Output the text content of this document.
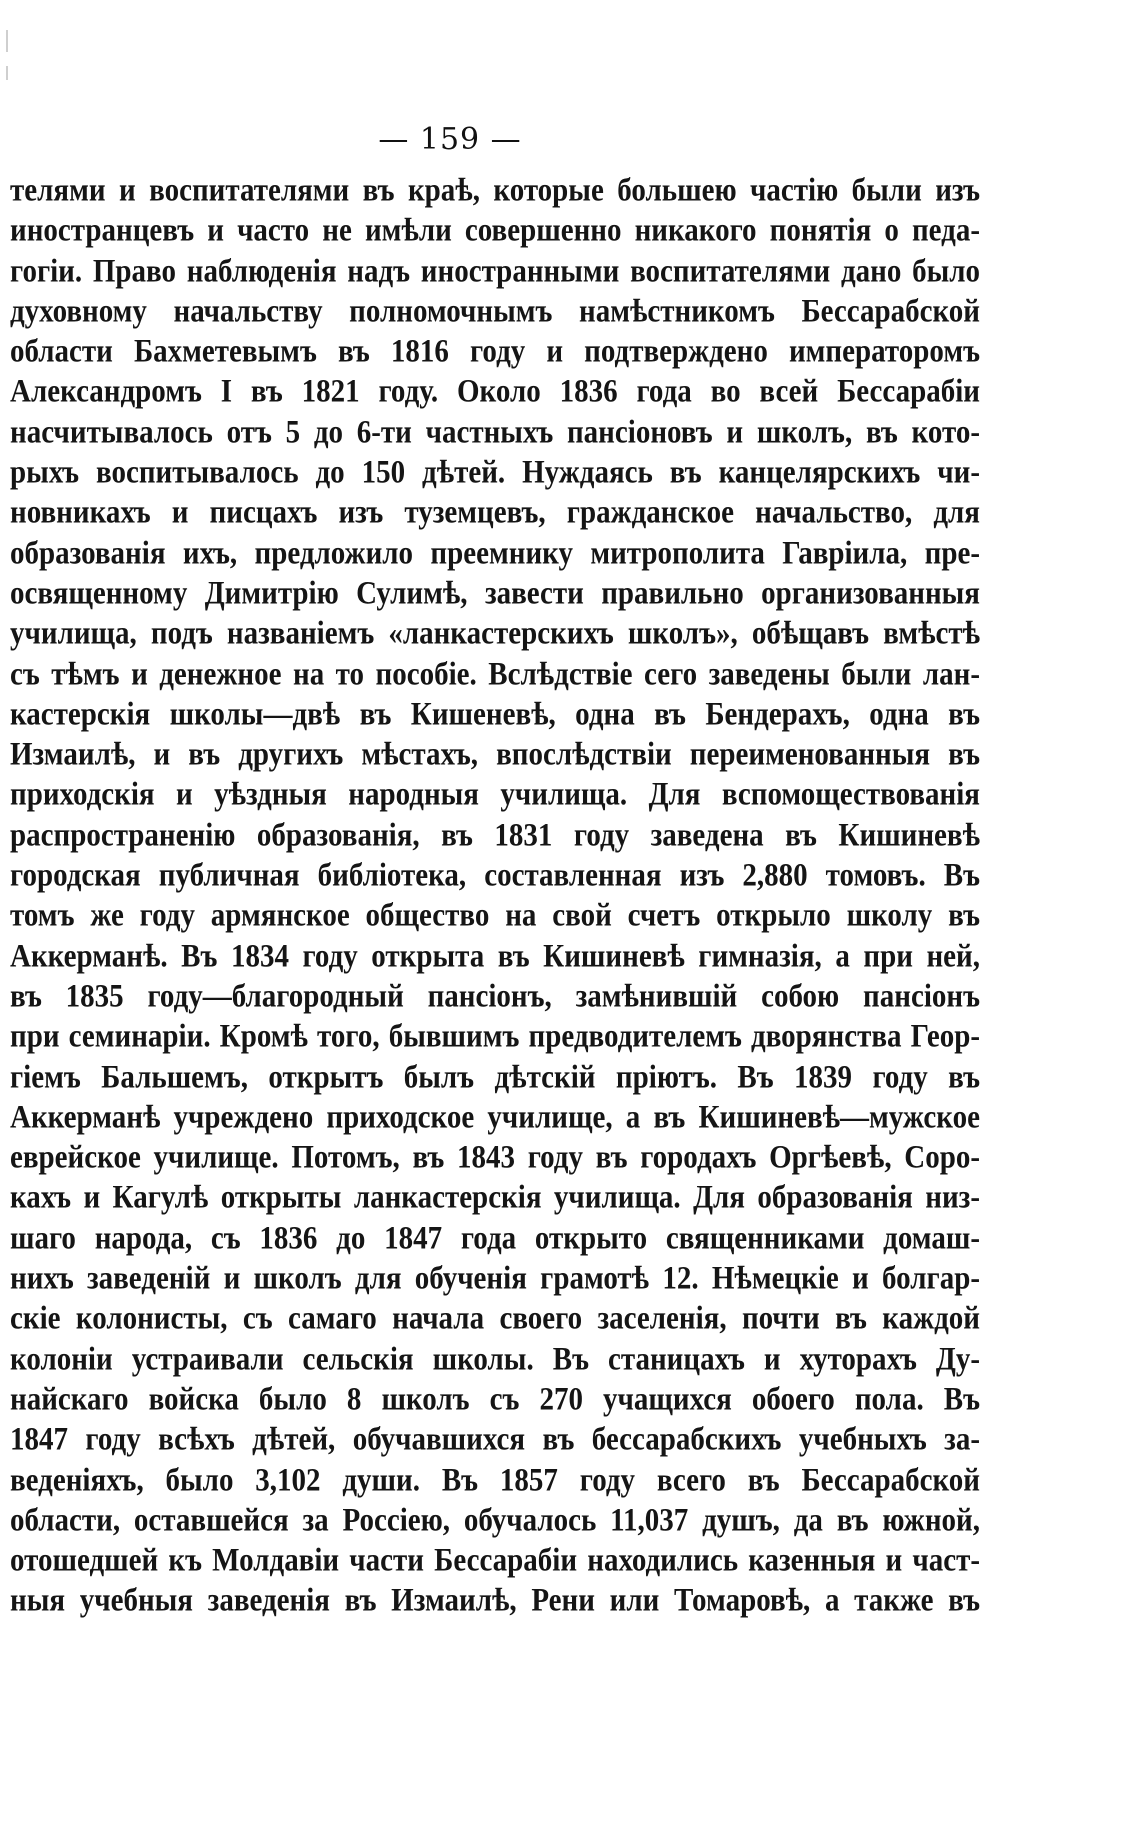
— 159 —
телями и воспитателями въ краѣ, которые большею частію были изъ
иностранцевъ и часто не имѣли совершенно никакого понятія о педа-
гогіи. Право наблюденія надъ иностранными воспитателями дано было
духовному начальству полномочнымъ намѣстникомъ Бессарабской
области Бахметевымъ въ 1816 году и подтверждено императоромъ
Александромъ I въ 1821 году. Около 1836 года во всей Бессарабіи
насчитывалось отъ 5 до 6-ти частныхъ пансіоновъ и школъ, въ кото-
рыхъ воспитывалось до 150 дѣтей. Нуждаясь въ канцелярскихъ чи-
новникахъ и писцахъ изъ туземцевъ, гражданское начальство, для
образованія ихъ, предложило преемнику митрополита Гавріила, пре-
освященному Димитрію Сулимѣ, завести правильно организованныя
училища, подъ названіемъ «ланкастерскихъ школъ», обѣщавъ вмѣстѣ
съ тѣмъ и денежное на то пособіе. Вслѣдствіе сего заведены были лан-
кастерскія школы—двѣ въ Кишеневѣ, одна въ Бендерахъ, одна въ
Измаилѣ, и въ другихъ мѣстахъ, впослѣдствіи переименованныя въ
приходскія и уѣздныя народныя училища. Для вспомоществованія
распространенію образованія, въ 1831 году заведена въ Кишиневѣ
городская публичная библіотека, составленная изъ 2,880 томовъ. Въ
томъ же году армянское общество на свой счетъ открыло школу въ
Аккерманѣ. Въ 1834 году открыта въ Кишиневѣ гимназія, а при ней,
въ 1835 году—благородный пансіонъ, замѣнившій собою пансіонъ
при семинаріи. Кромѣ того, бывшимъ предводителемъ дворянства Геор-
гіемъ Бальшемъ, открытъ былъ дѣтскій пріютъ. Въ 1839 году въ
Аккерманѣ учреждено приходское училище, а въ Кишиневѣ—мужское
еврейское училище. Потомъ, въ 1843 году въ городахъ Оргѣевѣ, Соро-
кахъ и Кагулѣ открыты ланкастерскія училища. Для образованія низ-
шаго народа, съ 1836 до 1847 года открыто священниками домаш-
нихъ заведеній и школъ для обученія грамотѣ 12. Нѣмецкіе и болгар-
скіе колонисты, съ самаго начала своего заселенія, почти въ каждой
колоніи устраивали сельскія школы. Въ станицахъ и хуторахъ Ду-
найскаго войска было 8 школъ съ 270 учащихся обоего пола. Въ
1847 году всѣхъ дѣтей, обучавшихся въ бессарабскихъ учебныхъ за-
веденіяхъ, было 3,102 души. Въ 1857 году всего въ Бессарабской
области, оставшейся за Россіею, обучалось 11,037 душъ, да въ южной,
отошедшей къ Молдавіи части Бессарабіи находились казенныя и част-
ныя учебныя заведенія въ Измаилѣ, Рени или Томаровѣ, а также въ
